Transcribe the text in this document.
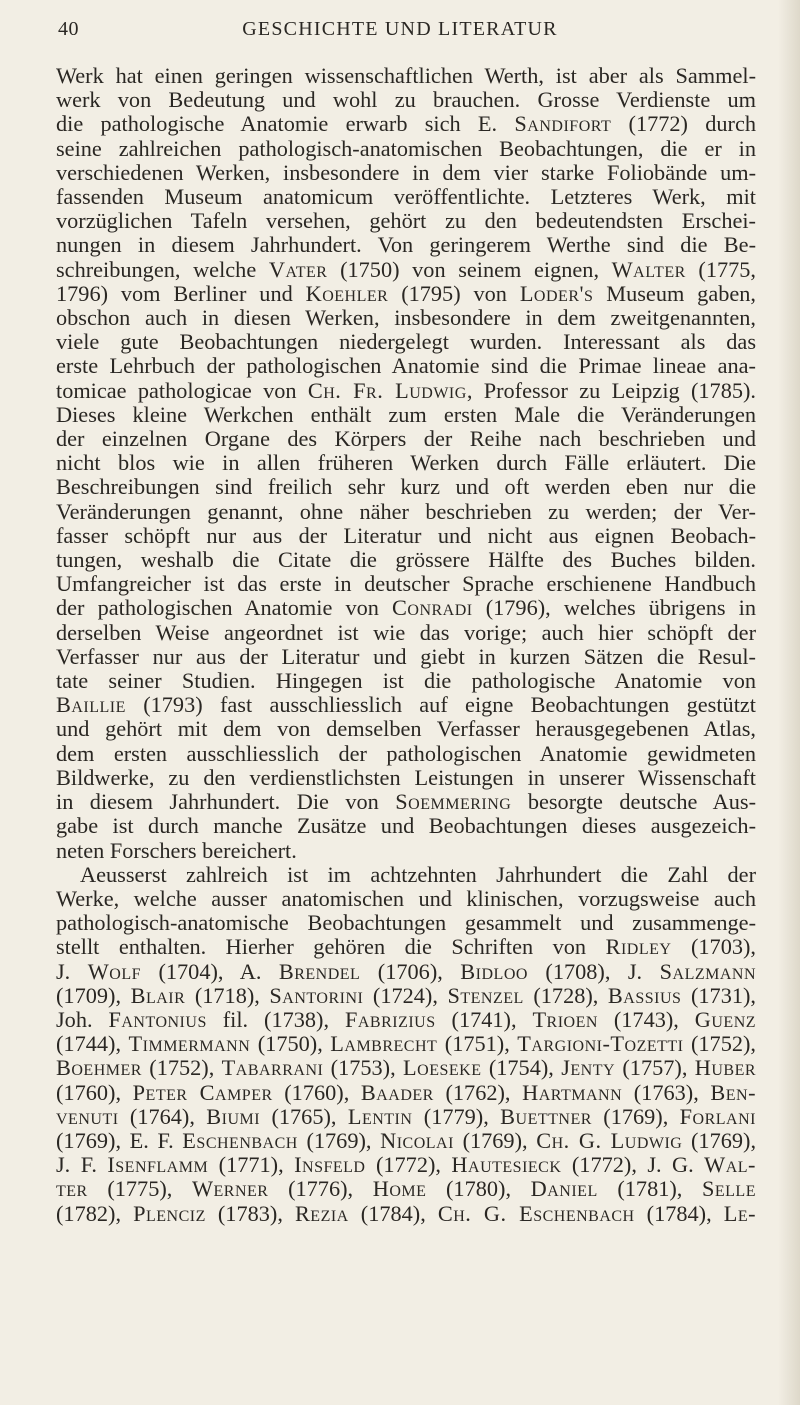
40	GESCHICHTE UND LITERATUR
Werk hat einen geringen wissenschaftlichen Werth, ist aber als Sammel-
werk von Bedeutung und wohl zu brauchen. Grosse Verdienste um
die pathologische Anatomie erwarb sich E. Sandifort (1772) durch
seine zahlreichen pathologisch-anatomischen Beobachtungen, die er in
verschiedenen Werken, insbesondere in dem vier starke Foliobände um-
fassenden Museum anatomicum veröffentlichte. Letzteres Werk, mit
vorzüglichen Tafeln versehen, gehört zu den bedeutendsten Erschei-
nungen in diesem Jahrhundert. Von geringerem Werthe sind die Be-
schreibungen, welche Vater (1750) von seinem eignen, Walter (1775,
1796) vom Berliner und Koehler (1795) von Loder's Museum gaben,
obschon auch in diesen Werken, insbesondere in dem zweitgenannten,
viele gute Beobachtungen niedergelegt wurden. Interessant als das
erste Lehrbuch der pathologischen Anatomie sind die Primae lineae ana-
tomicae pathologicae von Ch. Fr. Ludwig, Professor zu Leipzig (1785).
Dieses kleine Werkchen enthält zum ersten Male die Veränderungen
der einzelnen Organe des Körpers der Reihe nach beschrieben und
nicht blos wie in allen früheren Werken durch Fälle erläutert. Die
Beschreibungen sind freilich sehr kurz und oft werden eben nur die
Veränderungen genannt, ohne näher beschrieben zu werden; der Ver-
fasser schöpft nur aus der Literatur und nicht aus eignen Beobach-
tungen, weshalb die Citate die grössere Hälfte des Buches bilden.
Umfangreicher ist das erste in deutscher Sprache erschienene Handbuch
der pathologischen Anatomie von Conradi (1796), welches übrigens in
derselben Weise angeordnet ist wie das vorige; auch hier schöpft der
Verfasser nur aus der Literatur und giebt in kurzen Sätzen die Resul-
tate seiner Studien. Hingegen ist die pathologische Anatomie von
Baillie (1793) fast ausschliesslich auf eigne Beobachtungen gestützt
und gehört mit dem von demselben Verfasser herausgegebenen Atlas,
dem ersten ausschliesslich der pathologischen Anatomie gewidmeten
Bildwerke, zu den verdienstlichsten Leistungen in unserer Wissenschaft
in diesem Jahrhundert. Die von Soemmering besorgte deutsche Aus-
gabe ist durch manche Zusätze und Beobachtungen dieses ausgezeich-
neten Forschers bereichert.
Aeusserst zahlreich ist im achtzehnten Jahrhundert die Zahl der
Werke, welche ausser anatomischen und klinischen, vorzugsweise auch
pathologisch-anatomische Beobachtungen gesammelt und zusammenge-
stellt enthalten. Hierher gehören die Schriften von Ridley (1703),
J. Wolf (1704), A. Brendel (1706), Bidloo (1708), J. Salzmann
(1709), Blair (1718), Santorini (1724), Stenzel (1728), Bassius (1731),
Joh. Fantonius fil. (1738), Fabrizius (1741), Trioen (1743), Guenz
(1744), Timmermann (1750), Lambrecht (1751), Targioni-Tozetti (1752),
Boehmer (1752), Tabarrani (1753), Loeseke (1754), Jenty (1757), Huber
(1760), Peter Camper (1760), Baader (1762), Hartmann (1763), Ben-
venuti (1764), Biumi (1765), Lentin (1779), Buettner (1769), Forlani
(1769), E. F. Eschenbach (1769), Nicolai (1769), Ch. G. Ludwig (1769),
J. F. Isenflamm (1771), Insfeld (1772), Hautesieck (1772), J. G. Wal-
ter (1775), Werner (1776), Home (1780), Daniel (1781), Selle
(1782), Plenciz (1783), Rezia (1784), Ch. G. Eschenbach (1784), Le-
